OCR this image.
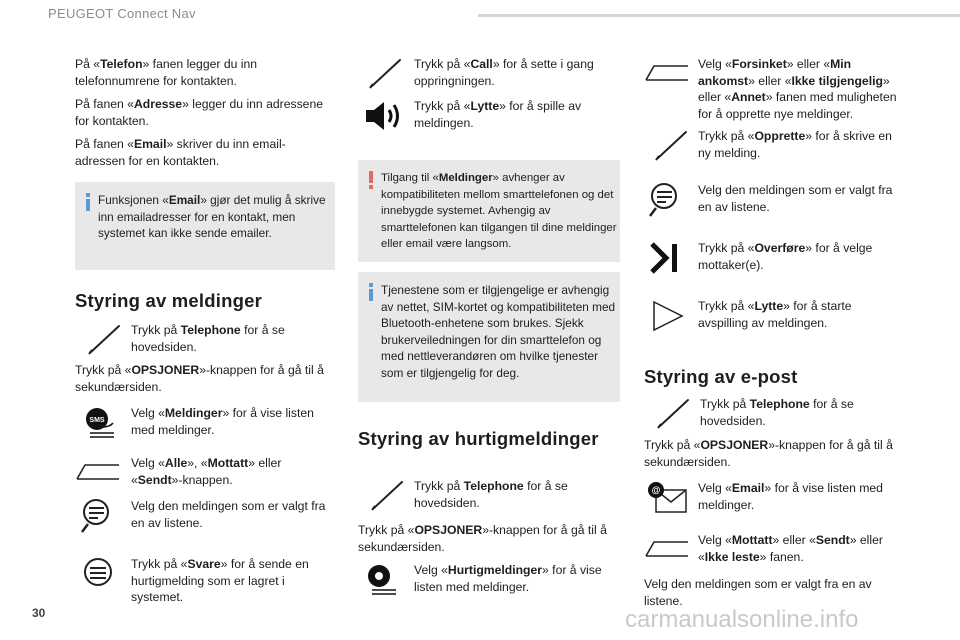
PEUGEOT Connect Nav

På «Telefon» fanen legger du inn telefonnumrene for kontakten.

På fanen «Adresse» legger du inn adressene for kontakten.

På fanen «Email» skriver du inn email-adressen for en kontakten.

Funksjonen «Email» gjør det mulig å skrive inn emailadresser for en kontakt, men systemet kan ikke sende emailer.
Styring av meldinger

Trykk på Telephone for å se hovedsiden.

Trykk på «OPSJONER»-knappen for å gå til å sekundærsiden.

SMS

Velg «Meldinger» for å vise listen med meldinger.

Velg «Alle», «Mottatt» eller «Sendt»-knappen.

Velg den meldingen som er valgt fra en av listene.

Trykk på «Svare» for å sende en hurtigmelding som er lagret i systemet.

Trykk på «Call» for å sette i gang oppringningen.

Trykk på «Lytte» for å spille av meldingen.

Tilgang til «Meldinger» avhenger av kompatibiliteten mellom smarttelefonen og det innebygde systemet. Avhengig av smarttelefonen kan tilgangen til dine meldinger eller email være langsom.
Tjenestene som er tilgjengelige er avhengig av nettet, SIM-kortet og kompatibiliteten med Bluetooth-enhetene som brukes. Sjekk brukerveiledningen for din smarttelefon og med nettleverandøren om hvilke tjenester som er tilgjengelig for deg.
Styring av hurtigmeldinger

Trykk på Telephone for å se hovedsiden.

Trykk på «OPSJONER»-knappen for å gå til å sekundærsiden.

Velg «Hurtigmeldinger» for å vise listen med meldinger.

Velg «Forsinket» eller «Min ankomst» eller «Ikke tilgjengelig» eller «Annet» fanen med muligheten for å opprette nye meldinger.

Trykk på «Opprette» for å skrive en ny melding.

Velg den meldingen som er valgt fra en av listene.

Trykk på «Overføre» for å velge mottaker(e).

Trykk på «Lytte» for å starte avspilling av meldingen.

Styring av e-post

Trykk på Telephone for å se hovedsiden.

Trykk på «OPSJONER»-knappen for å gå til å sekundærsiden.

@	Velg «Email» for å vise listen med meldinger.

Velg «Mottatt» eller «Sendt» eller «Ikke leste» fanen.

Velg den meldingen som er valgt fra en av listene.

30	carmanualsonline.info
